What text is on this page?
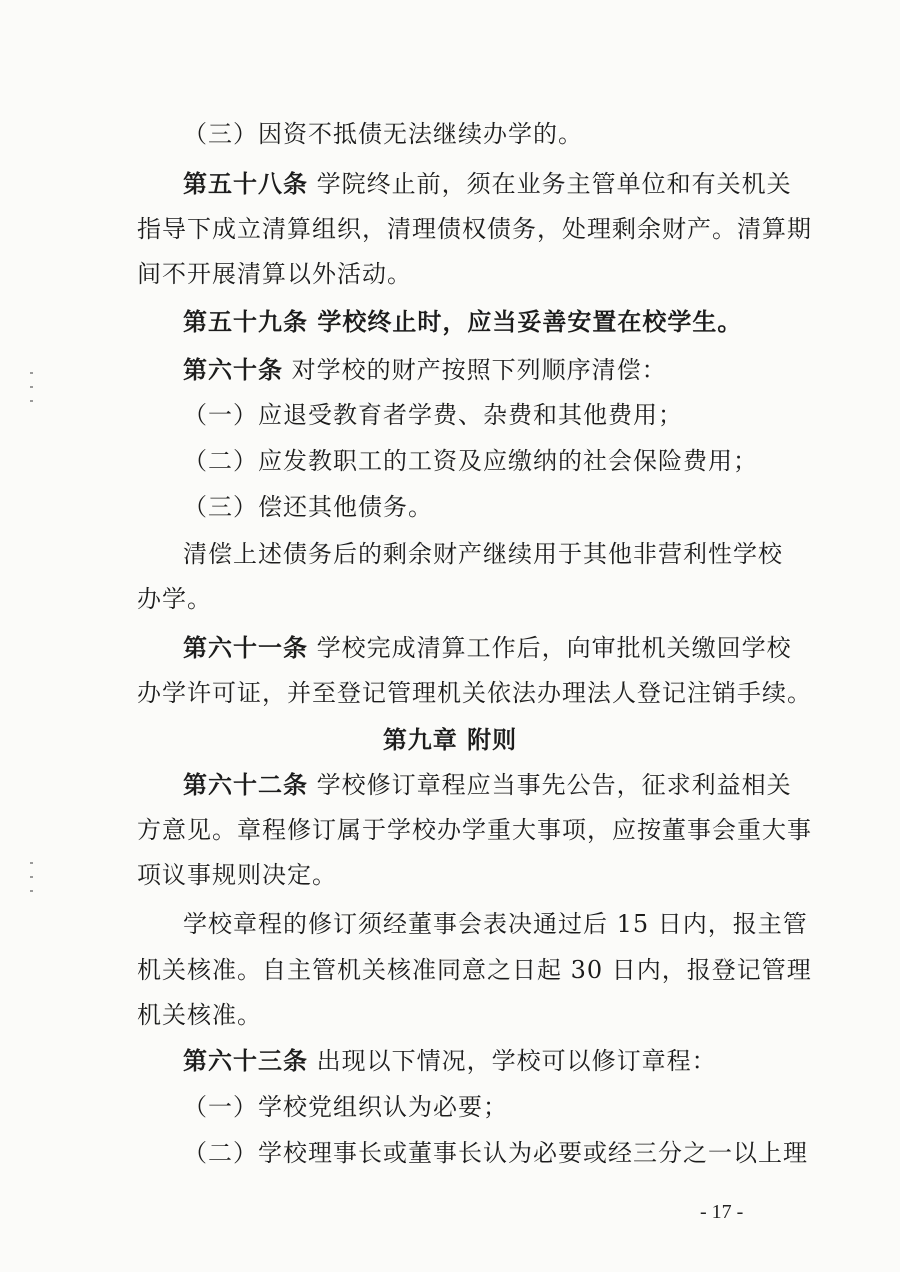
（三）因资不抵债无法继续办学的。
第五十八条 学院终止前，须在业务主管单位和有关机关
指导下成立清算组织，清理债权债务，处理剩余财产。清算期
间不开展清算以外活动。
第五十九条 学校终止时，应当妥善安置在校学生。
第六十条 对学校的财产按照下列顺序清偿：
（一）应退受教育者学费、杂费和其他费用；
（二）应发教职工的工资及应缴纳的社会保险费用；
（三）偿还其他债务。
清偿上述债务后的剩余财产继续用于其他非营利性学校
办学。
第六十一条 学校完成清算工作后，向审批机关缴回学校
办学许可证，并至登记管理机关依法办理法人登记注销手续。
第九章 附则
第六十二条 学校修订章程应当事先公告，征求利益相关
方意见。章程修订属于学校办学重大事项，应按董事会重大事
项议事规则决定。
学校章程的修订须经董事会表决通过后 15 日内，报主管
机关核准。自主管机关核准同意之日起 30 日内，报登记管理
机关核准。
第六十三条 出现以下情况，学校可以修订章程：
（一）学校党组织认为必要；
（二）学校理事长或董事长认为必要或经三分之一以上理
- 17 -
